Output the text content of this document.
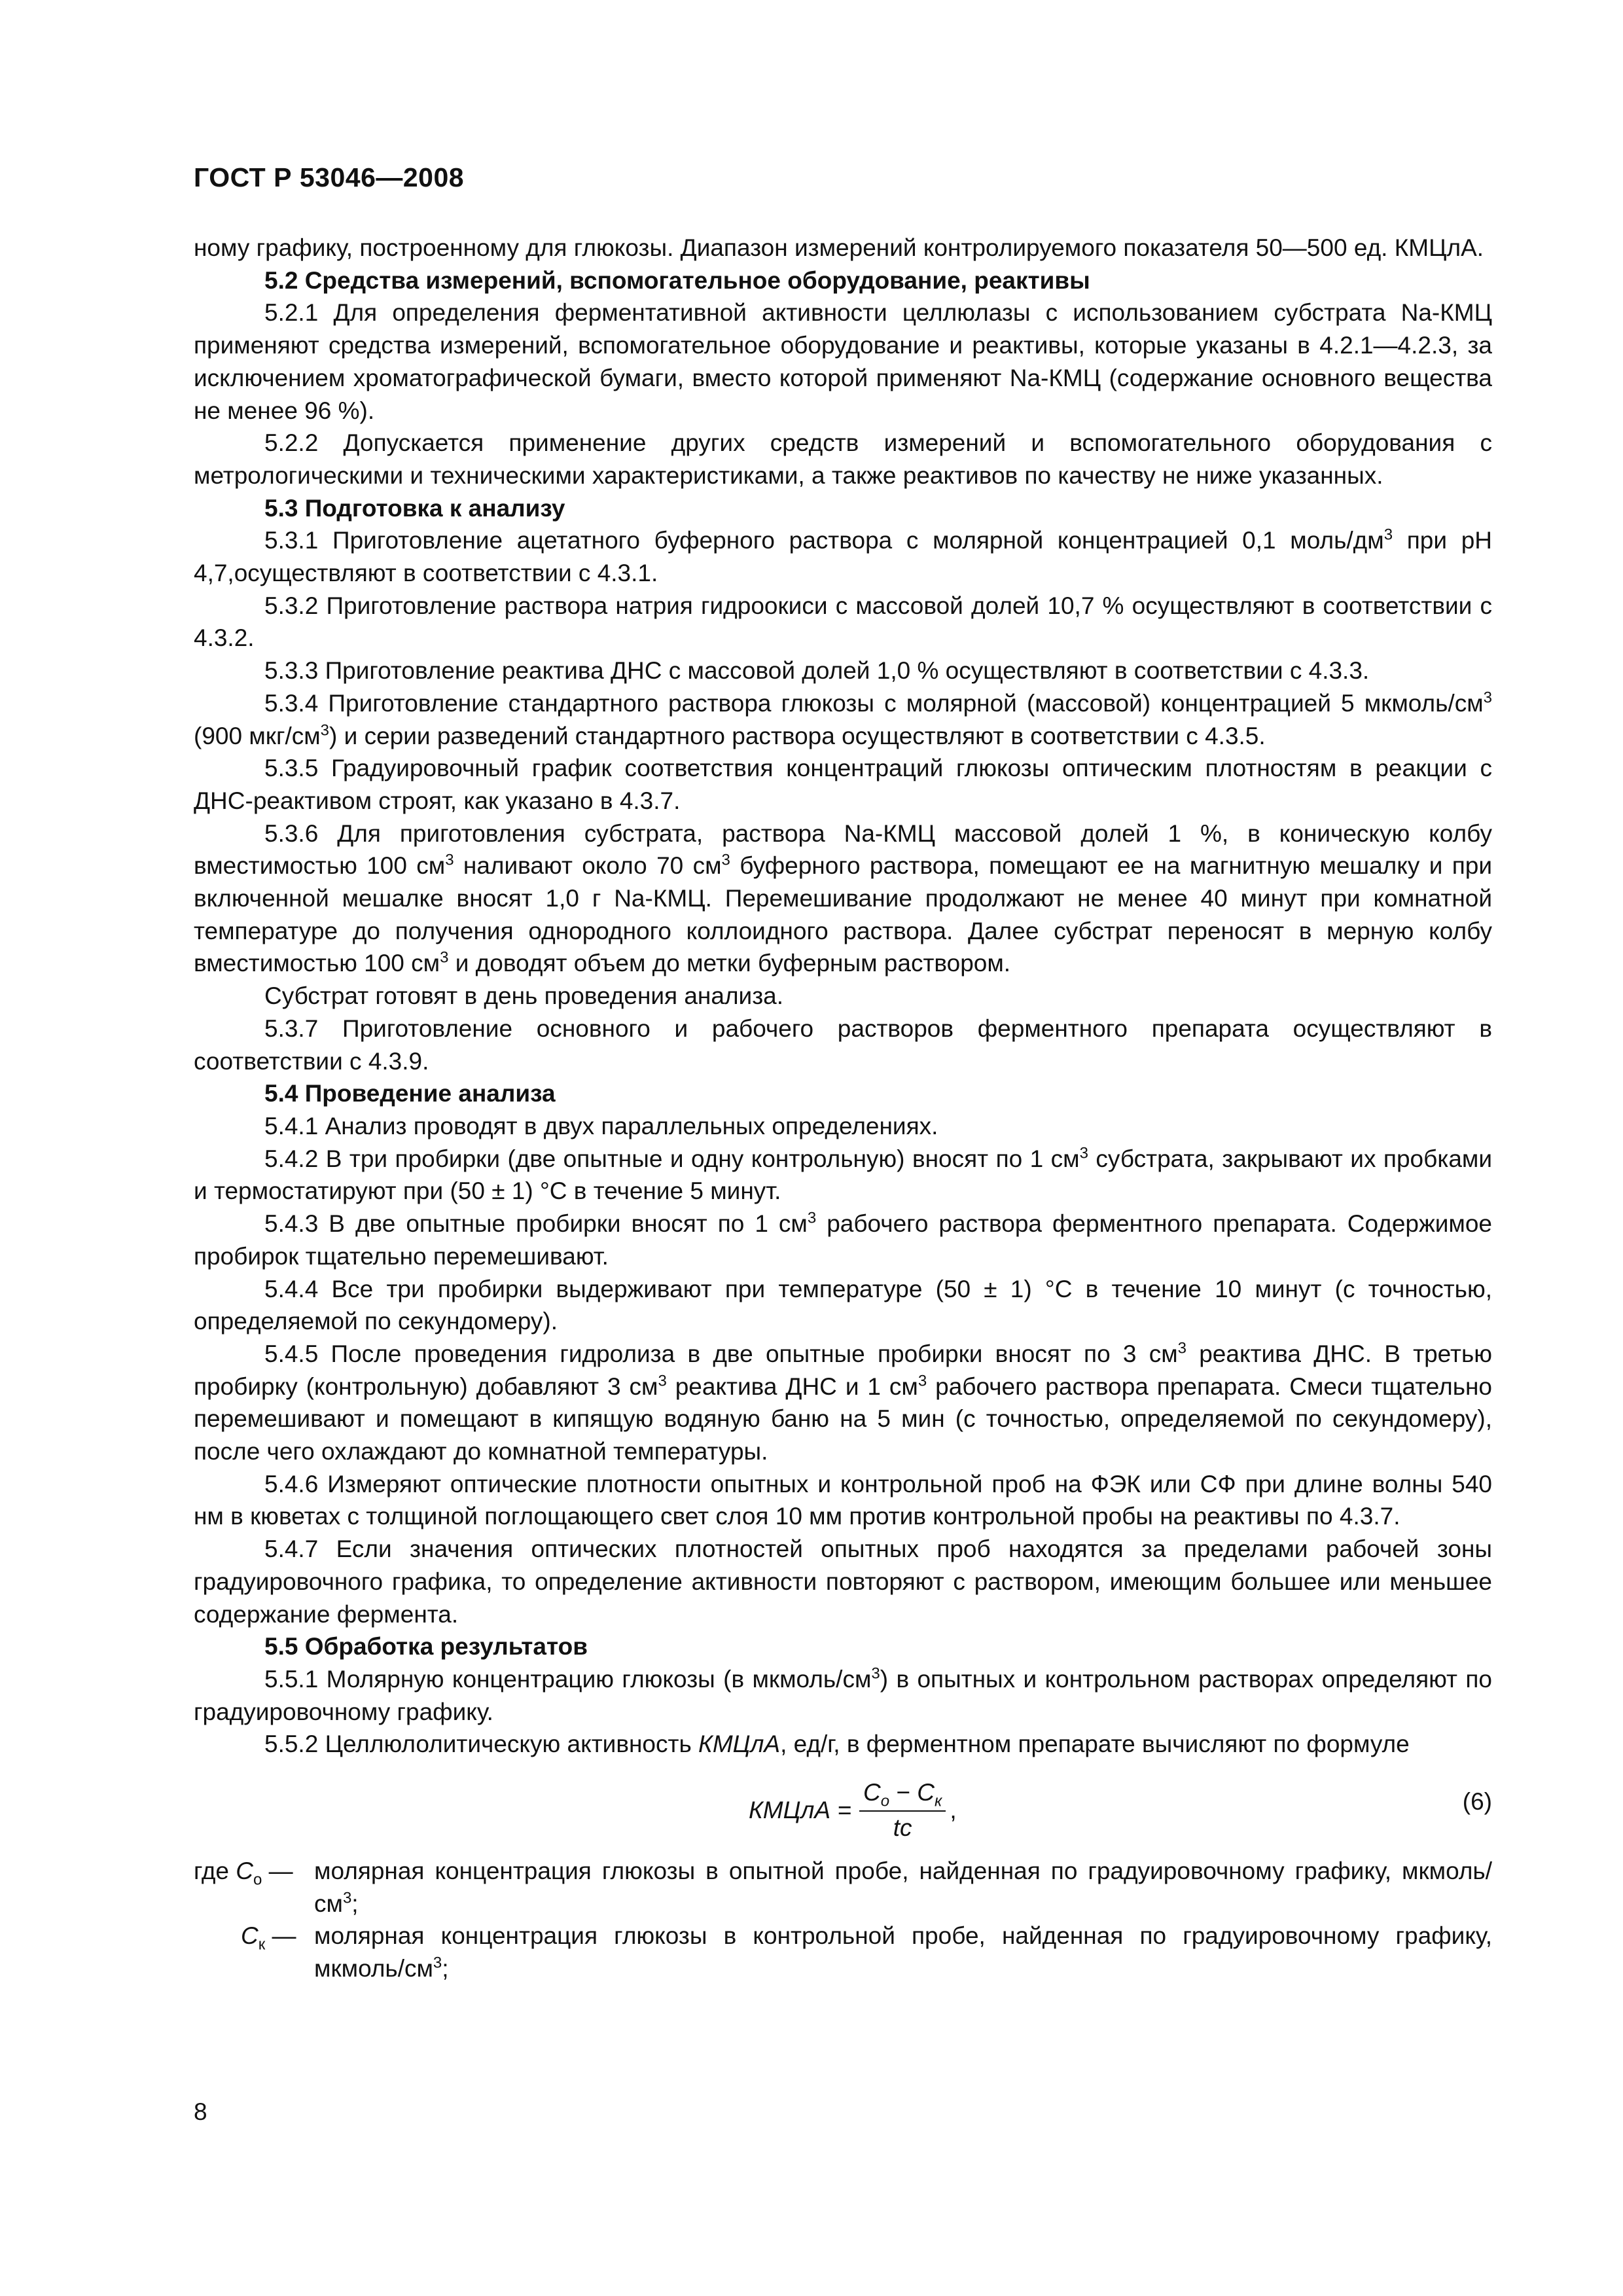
ГОСТ Р 53046—2008

ному графику, построенному для глюкозы. Диапазон измерений контролируемого показателя 50—500 ед. КМЦлА.

5.2 Средства измерений, вспомогательное оборудование, реактивы

5.2.1 Для определения ферментативной активности целлюлазы с использованием субстрата Na-КМЦ применяют средства измерений, вспомогательное оборудование и реактивы, которые указаны в 4.2.1—4.2.3, за исключением хроматографической бумаги, вместо которой применяют Na-КМЦ (содержание основного вещества не менее 96 %).

5.2.2 Допускается применение других средств измерений и вспомогательного оборудования с метрологическими и техническими характеристиками, а также реактивов по качеству не ниже указанных.

5.3 Подготовка к анализу

5.3.1 Приготовление ацетатного буферного раствора с молярной концентрацией 0,1 моль/$дм^3$ при pH 4,7,осуществляют в соответствии с 4.3.1.

5.3.2 Приготовление раствора натрия гидроокиси с массовой долей 10,7 % осуществляют в соответствии с 4.3.2.

5.3.3 Приготовление реактива ДНС с массовой долей 1,0 % осуществляют в соответствии с 4.3.3.

5.3.4 Приготовление стандартного раствора глюкозы с молярной (массовой) концентрацией 5 мкмоль/$см^3$ (900 мкг/$см^3$) и серии разведений стандартного раствора осуществляют в соответствии с 4.3.5.

5.3.5 Градуировочный график соответствия концентраций глюкозы оптическим плотностям в реакции с ДНС-реактивом строят, как указано в 4.3.7.

5.3.6 Для приготовления субстрата, раствора Na-КМЦ массовой долей 1 %, в коническую колбу вместимостью 100 $см^3$ наливают около 70 $см^3$ буферного раствора, помещают ее на магнитную мешалку и при включенной мешалке вносят 1,0 г Na-КМЦ. Перемешивание продолжают не менее 40 минут при комнатной температуре до получения однородного коллоидного раствора. Далее субстрат переносят в мерную колбу вместимостью 100 $см^3$ и доводят объем до метки буферным раствором.

Субстрат готовят в день проведения анализа.

5.3.7 Приготовление основного и рабочего растворов ферментного препарата осуществляют в соответствии с 4.3.9.

5.4 Проведение анализа

5.4.1 Анализ проводят в двух параллельных определениях.

5.4.2 В три пробирки (две опытные и одну контрольную) вносят по 1 $см^3$ субстрата, закрывают их пробками и термостатируют при (50 ± 1) °С в течение 5 минут.

5.4.3 В две опытные пробирки вносят по 1 $см^3$ рабочего раствора ферментного препарата. Содержимое пробирок тщательно перемешивают.

5.4.4 Все три пробирки выдерживают при температуре (50 ± 1) °С в течение 10 минут (с точностью, определяемой по секундомеру).

5.4.5 После проведения гидролиза в две опытные пробирки вносят по 3 $см^3$ реактива ДНС. В третью пробирку (контрольную) добавляют 3 $см^3$ реактива ДНС и 1 $см^3$ рабочего раствора препарата. Смеси тщательно перемешивают и помещают в кипящую водяную баню на 5 мин (с точностью, определяемой по секундомеру), после чего охлаждают до комнатной температуры.

5.4.6 Измеряют оптические плотности опытных и контрольной проб на ФЭК или СФ при длине волны 540 нм в кюветах с толщиной поглощающего свет слоя 10 мм против контрольной пробы на реактивы по 4.3.7.

5.4.7 Если значения оптических плотностей опытных проб находятся за пределами рабочей зоны градуировочного графика, то определение активности повторяют с раствором, имеющим большее или меньшее содержание фермента.

5.5 Обработка результатов

5.5.1 Молярную концентрацию глюкозы (в мкмоль/$см^3$) в опытных и контрольном растворах определяют по градуировочному графику.

5.5.2 Целлюлолитическую активность КМЦлА, ед/г, в ферментном препарате вычисляют по формуле

КМЦлА = $\frac{C_о - C_к}{tc}$ ,	(6)
где $C_о$ — молярная концентрация глюкозы в опытной пробе, найденная по градуировочному графику, мкмоль/$см^3$;
$C_к$ — молярная концентрация глюкозы в контрольной пробе, найденная по градуировочному графику, мкмоль/$см^3$;
8
